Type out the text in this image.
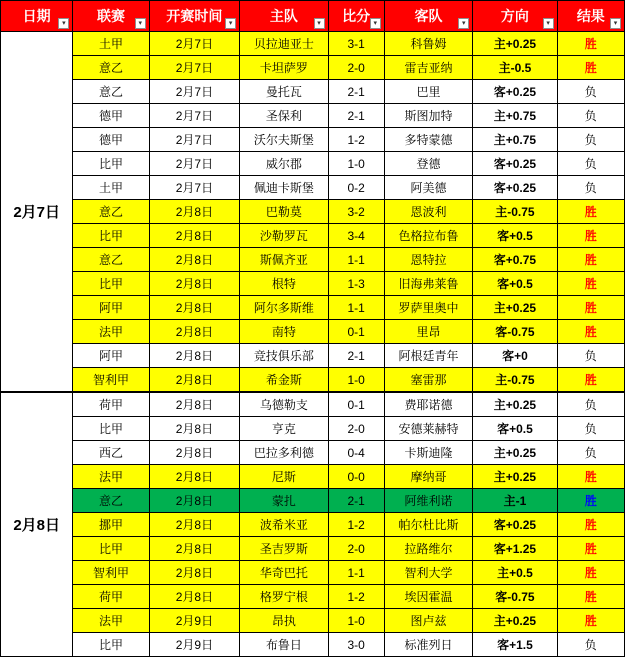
日期 ▾	联赛 ▾	开赛时间 ▾	主队 ▾	比分 ▾	客队 ▾	方向 ▾	结果 ▾

2月7日	土甲	2月7日	贝拉迪亚士	3-1	科鲁姆	主+0.25	胜
	意乙	2月7日	卡坦萨罗	2-0	雷吉亚纳	主-0.5	胜
	意乙	2月7日	曼托瓦	2-1	巴里	客+0.25	负
	德甲	2月7日	圣保利	2-1	斯图加特	主+0.75	负
	德甲	2月7日	沃尔夫斯堡	1-2	多特蒙德	主+0.75	负
	比甲	2月7日	威尔郡	1-0	登德	客+0.25	负
	土甲	2月7日	佩迪卡斯堡	0-2	阿美德	客+0.25	负
	意乙	2月8日	巴勒莫	3-2	恩波利	主-0.75	胜
	比甲	2月8日	沙勒罗瓦	3-4	色格拉布鲁	客+0.5	胜
	意乙	2月8日	斯佩齐亚	1-1	恩特拉	客+0.75	胜
	比甲	2月8日	根特	1-3	旧海弗莱鲁	客+0.5	胜
	阿甲	2月8日	阿尔多斯维	1-1	罗萨里奥中	主+0.25	胜
	法甲	2月8日	南特	0-1	里昂	客-0.75	胜
	阿甲	2月8日	竞技俱乐部	2-1	阿根廷青年	客+0	负
	智利甲	2月8日	希金斯	1-0	塞﻿﻿雷那	主-0.75	胜
2月8日	荷甲	2月8日	乌德勒支	0-1	费耶诺德	主+0.25	负
	比甲	2月8日	亨克	2-0	安德莱赫特	客+0.5	负
	西乙	2月8日	巴拉多利德	0-4	卡斯迪隆	主+0.25	负
	法甲	2月8日	尼斯	0-0	摩纳哥	主+0.25	胜
	意乙	2月8日	蒙扎	2-1	阿维利诺	主-1	胜
	挪甲	2月8日	波希米亚	1-2	帕尔杜比斯	客+0.25	胜
	比甲	2月8日	圣吉罗斯	2-0	拉路维尔	客+1.25	胜
	智利甲	2月8日	华奇巴托	1-1	智利大学	主+0.5	胜
	荷甲	2月8日	格罗宁根	1-2	埃因霍温	客-0.75	胜
	法甲	2月9日	昂执	1-0	图卢兹	主+0.25	胜
	比甲	2月9日	布鲁日	3-0	标准列日	客+1.5	负
